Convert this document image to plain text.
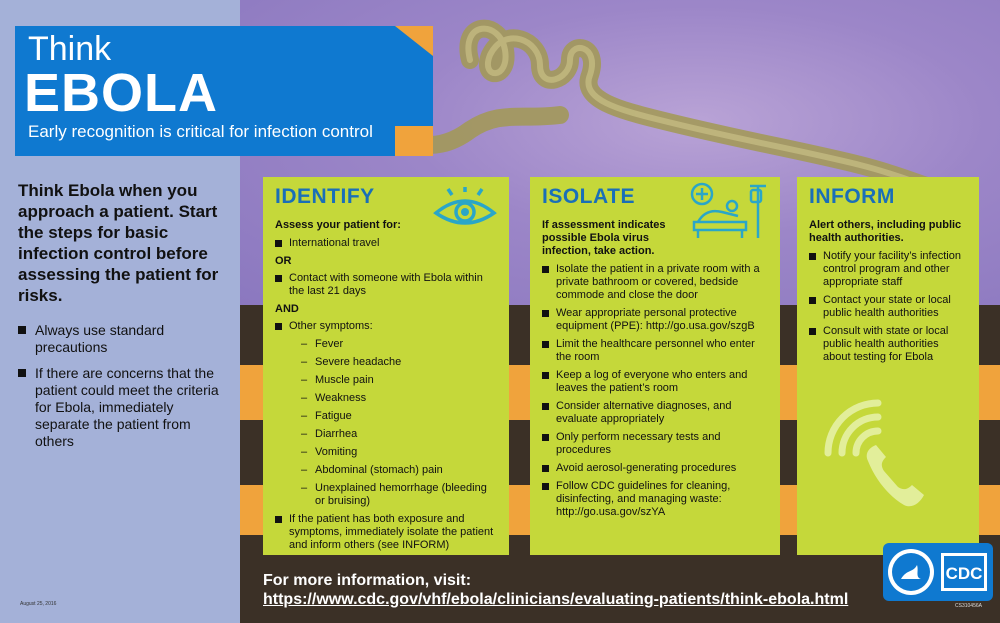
Think
EBOLA
Early recognition is critical for infection control
Think Ebola when you approach a patient. Start the steps for basic infection control before assessing the patient for risks.
Always use standard precautions
If there are concerns that the patient could meet the criteria for Ebola, immediately separate the patient from others
IDENTIFY
Assess your patient for:
International travel
OR
Contact with someone with Ebola within the last 21 days
AND
Other symptoms:
– Fever
– Severe headache
– Muscle pain
– Weakness
– Fatigue
– Diarrhea
– Vomiting
– Abdominal (stomach) pain
– Unexplained hemorrhage (bleeding or bruising)
If the patient has both exposure and symptoms, immediately isolate the patient and inform others (see INFORM)
ISOLATE
If assessment indicates possible Ebola virus infection, take action.
Isolate the patient in a private room with a private bathroom or covered, bedside commode and close the door
Wear appropriate personal protective equipment (PPE): http://go.usa.gov/szgB
Limit the healthcare personnel who enter the room
Keep a log of everyone who enters and leaves the patient’s room
Consider alternative diagnoses, and evaluate appropriately
Only perform necessary tests and procedures
Avoid aerosol-generating procedures
Follow CDC guidelines for cleaning, disinfecting, and managing waste: http://go.usa.gov/szYA
INFORM
Alert others, including public health authorities.
Notify your facility’s infection control program and other appropriate staff
Contact your state or local public health authorities
Consult with state or local public health authorities about testing for Ebola
For more information, visit:
https://www.cdc.gov/vhf/ebola/clinicians/evaluating-patients/think-ebola.html
August 25, 2016	CS310456A
CDC
